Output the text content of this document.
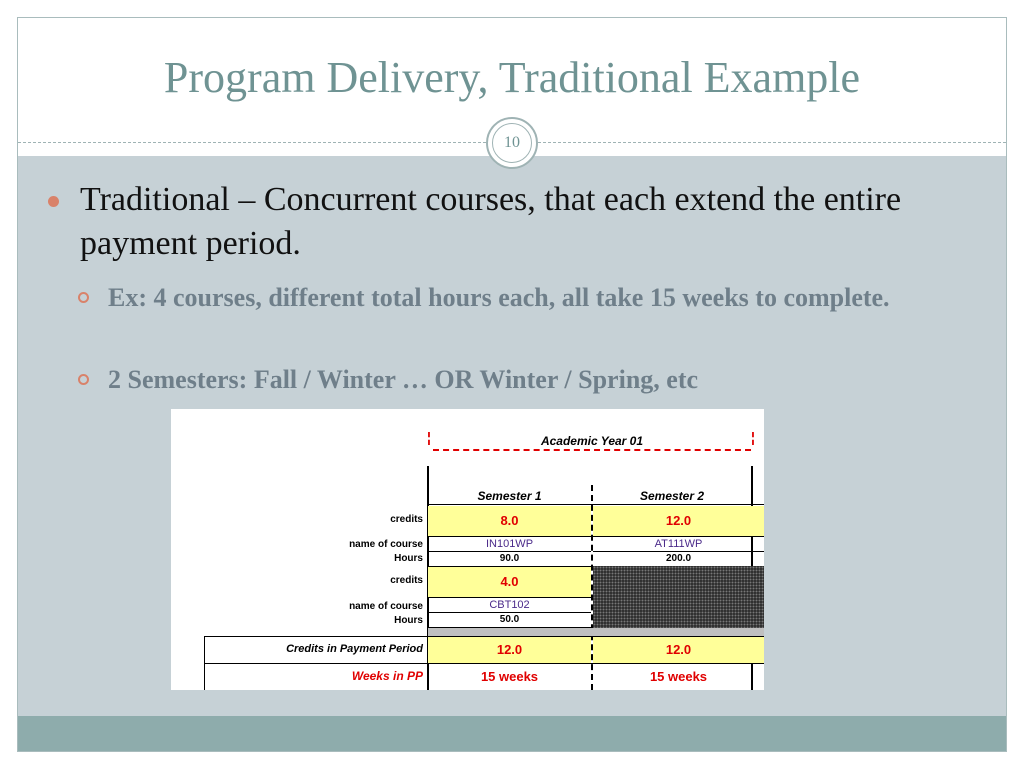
Program Delivery, Traditional Example
10
Traditional – Concurrent courses, that each extend the entire payment period.
Ex: 4 courses, different total hours each, all take 15 weeks to complete.
2 Semesters: Fall / Winter … OR Winter / Spring, etc
¦	¦
Academic Year 01
Semester 1	Semester 2
credits	8.0	12.0
name of course	IN101WP	AT111WP
Hours	90.0	200.0
credits	4.0
name of course	CBT102
Hours	50.0
Credits in Payment Period	12.0	12.0
Weeks in PP	15 weeks	15 weeks
